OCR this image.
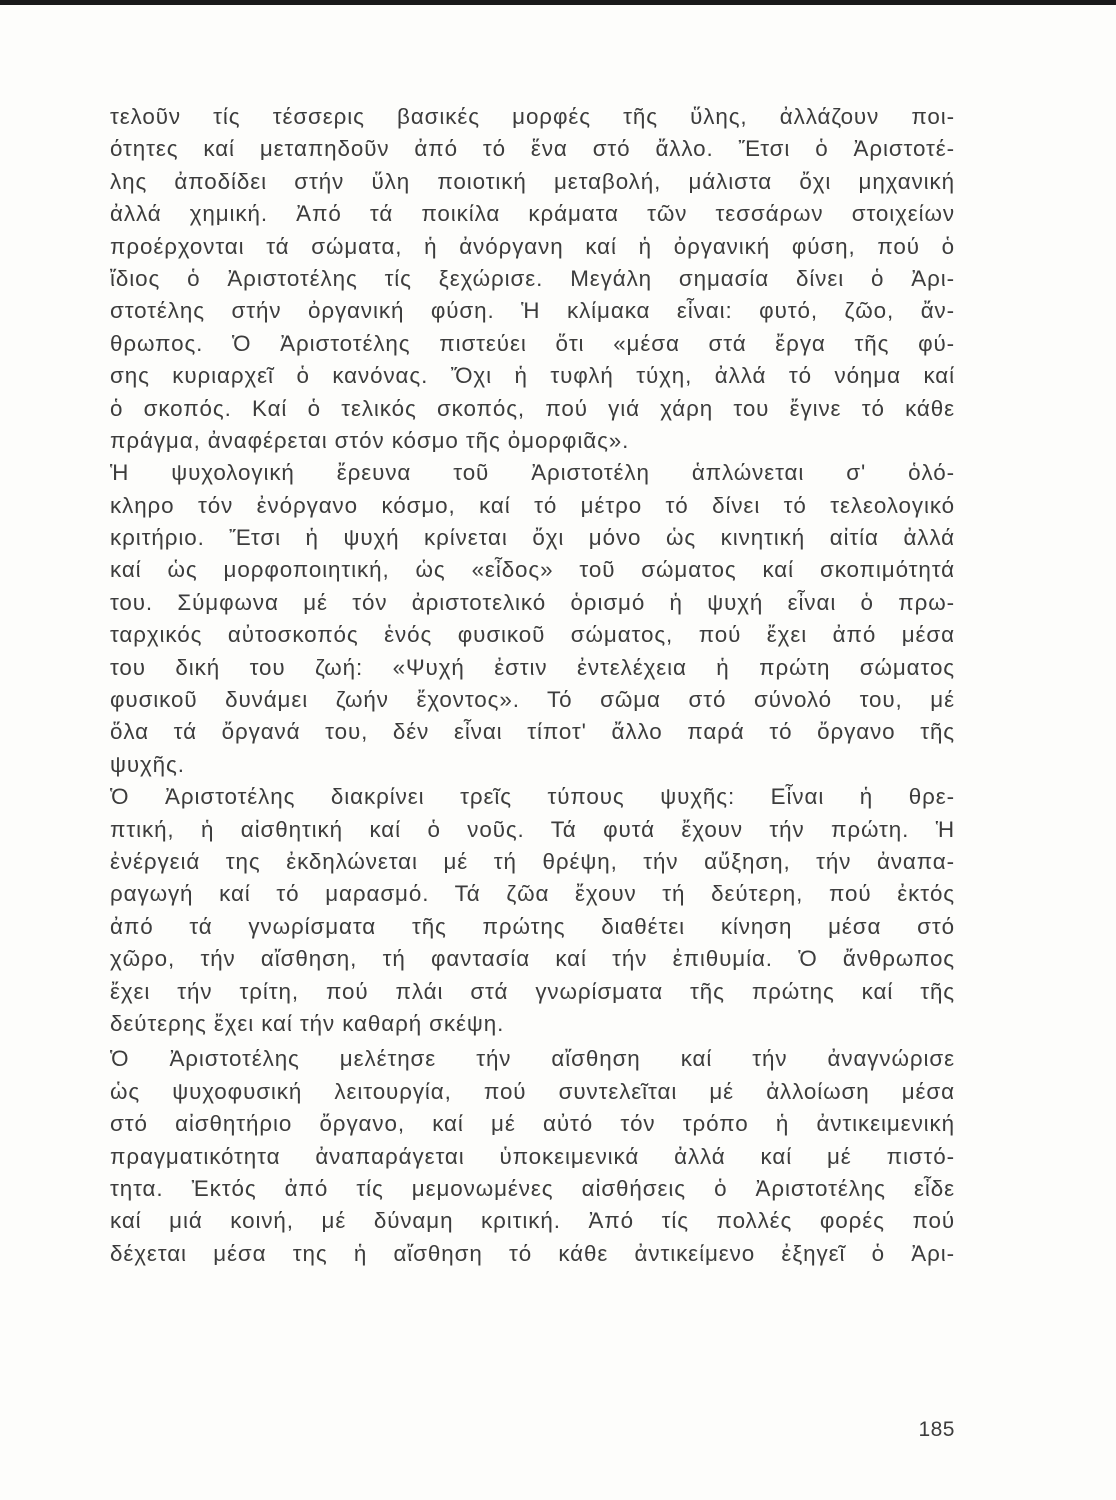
τελοῦν τίς τέσσερις βασικές μορφές τῆς ὕλης, ἀλλάζουν ποι-
ότητες καί μεταπηδοῦν ἀπό τό ἕνα στό ἄλλο. Ἔτσι ὁ Ἀριστοτέ-
λης ἀποδίδει στήν ὕλη ποιοτική μεταβολή, μάλιστα ὄχι μηχανική
ἀλλά χημική. Ἀπό τά ποικίλα κράματα τῶν τεσσάρων στοιχείων
προέρχονται τά σώματα, ἡ ἀνόργανη καί ἡ ὀργανική φύση, πού ὁ
ἴδιος ὁ Ἀριστοτέλης τίς ξεχώρισε. Μεγάλη σημασία δίνει ὁ Ἀρι-
στοτέλης στήν ὀργανική φύση. Ἡ κλίμακα εἶναι: φυτό, ζῶο, ἄν-
θρωπος. Ὁ Ἀριστοτέλης πιστεύει ὅτι «μέσα στά ἔργα τῆς φύ-
σης κυριαρχεῖ ὁ κανόνας. Ὄχι ἡ τυφλή τύχη, ἀλλά τό νόημα καί
ὁ σκοπός. Καί ὁ τελικός σκοπός, πού γιά χάρη του ἔγινε τό κάθε
πράγμα, ἀναφέρεται στόν κόσμο τῆς ὀμορφιᾶς».
Ἡ ψυχολογική ἔρευνα τοῦ Ἀριστοτέλη ἁπλώνεται σ' ὁλό-
κληρο τόν ἐνόργανο κόσμο, καί τό μέτρο τό δίνει τό τελεολογικό
κριτήριο. Ἔτσι ἡ ψυχή κρίνεται ὄχι μόνο ὡς κινητική αἰτία ἀλλά
καί ὡς μορφοποιητική, ὡς «εἶδος» τοῦ σώματος καί σκοπιμότητά
του. Σύμφωνα μέ τόν ἀριστοτελικό ὁρισμό ἡ ψυχή εἶναι ὁ πρω-
ταρχικός αὐτοσκοπός ἑνός φυσικοῦ σώματος, πού ἔχει ἀπό μέσα
του δική του ζωή: «Ψυχή ἐστιν ἐντελέχεια ἡ πρώτη σώματος
φυσικοῦ δυνάμει ζωήν ἔχοντος». Τό σῶμα στό σύνολό του, μέ
ὅλα τά ὄργανά του, δέν εἶναι τίποτ' ἄλλο παρά τό ὄργανο τῆς
ψυχῆς.
Ὁ Ἀριστοτέλης διακρίνει τρεῖς τύπους ψυχῆς: Εἶναι ἡ θρε-
πτική, ἡ αἰσθητική καί ὁ νοῦς. Τά φυτά ἔχουν τήν πρώτη. Ἡ
ἐνέργειά της ἐκδηλώνεται μέ τή θρέψη, τήν αὔξηση, τήν ἀναπα-
ραγωγή καί τό μαρασμό. Τά ζῶα ἔχουν τή δεύτερη, πού ἐκτός
ἀπό τά γνωρίσματα τῆς πρώτης διαθέτει κίνηση μέσα στό
χῶρο, τήν αἴσθηση, τή φαντασία καί τήν ἐπιθυμία. Ὁ ἄνθρωπος
ἔχει τήν τρίτη, πού πλάι στά γνωρίσματα τῆς πρώτης καί τῆς
δεύτερης ἔχει καί τήν καθαρή σκέψη.
Ὁ Ἀριστοτέλης μελέτησε τήν αἴσθηση καί τήν ἀναγνώρισε
ὡς ψυχοφυσική λειτουργία, πού συντελεῖται μέ ἀλλοίωση μέσα
στό αἰσθητήριο ὄργανο, καί μέ αὐτό τόν τρόπο ἡ ἀντικειμενική
πραγματικότητα ἀναπαράγεται ὑποκειμενικά ἀλλά καί μέ πιστό-
τητα. Ἐκτός ἀπό τίς μεμονωμένες αἰσθήσεις ὁ Ἀριστοτέλης εἶδε
καί μιά κοινή, μέ δύναμη κριτική. Ἀπό τίς πολλές φορές πού
δέχεται μέσα της ἡ αἴσθηση τό κάθε ἀντικείμενο ἐξηγεῖ ὁ Ἀρι-
185
